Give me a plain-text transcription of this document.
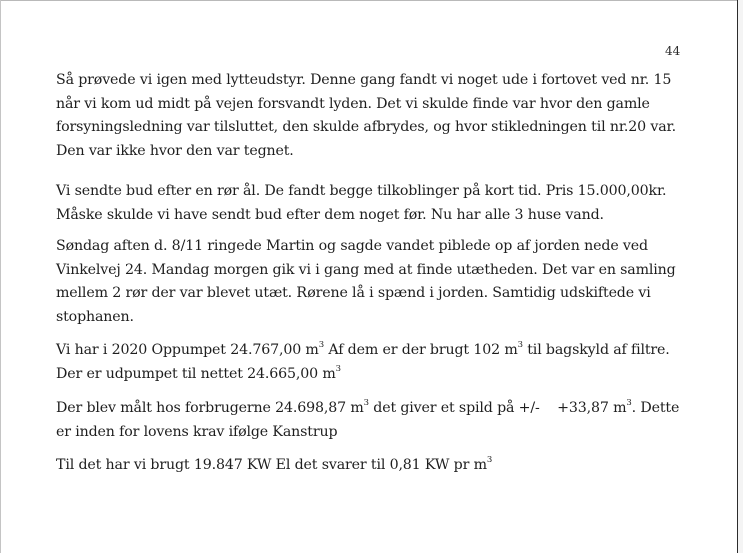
44
Så prøvede vi igen med lytteudstyr. Denne gang fandt vi noget ude i fortovet ved nr. 15
når vi kom ud midt på vejen forsvandt lyden. Det vi skulde finde var hvor den gamle
forsyningsledning var tilsluttet, den skulde afbrydes, og hvor stikledningen til nr.20 var.
Den var ikke hvor den var tegnet.
Vi sendte bud efter en rør ål. De fandt begge tilkoblinger på kort tid. Pris 15.000,00kr.
Måske skulde vi have sendt bud efter dem noget før. Nu har alle 3 huse vand.
Søndag aften d. 8/11 ringede Martin og sagde vandet piblede op af jorden nede ved
Vinkelvej 24. Mandag morgen gik vi i gang med at finde utætheden. Det var en samling
mellem 2 rør der var blevet utæt. Rørene lå i spænd i jorden. Samtidig udskiftede vi
stophanen.
Vi har i 2020 Oppumpet 24.767,00 $m^3$ Af dem er der brugt 102 $m^3$ til bagskyld af filtre.
Der er udpumpet til nettet 24.665,00 $m^3$
Der blev målt hos forbrugerne 24.698,87 $m^3$ det giver et spild på +/-    +33,87 $m^3$. Dette
er inden for lovens krav ifølge Kanstrup
Til det har vi brugt 19.847 KW El det svarer til 0,81 KW pr $m^3$
